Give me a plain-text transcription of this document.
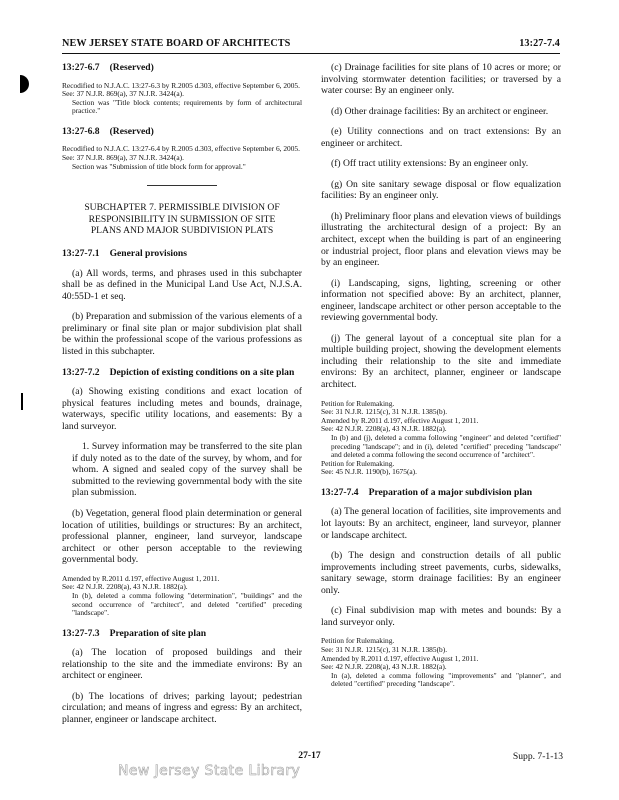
NEW JERSEY STATE BOARD OF ARCHITECTS	13:27-7.4
13:27-6.7 (Reserved)
Recodified to N.J.A.C. 13:27-6.3 by R.2005 d.303, effective September 6, 2005.
See: 37 N.J.R. 869(a), 37 N.J.R. 3424(a).
Section was "Title block contents; requirements by form of architectural practice."
13:27-6.8 (Reserved)
Recodified to N.J.A.C. 13:27-6.4 by R.2005 d.303, effective September 6, 2005.
See: 37 N.J.R. 869(a), 37 N.J.R. 3424(a).
Section was "Submission of title block form for approval."
SUBCHAPTER 7. PERMISSIBLE DIVISION OF
RESPONSIBILITY IN SUBMISSION OF SITE
PLANS AND MAJOR SUBDIVISION PLATS
13:27-7.1 General provisions
(a) All words, terms, and phrases used in this subchapter shall be as defined in the Municipal Land Use Act, N.J.S.A. 40:55D-1 et seq.
(b) Preparation and submission of the various elements of a preliminary or final site plan or major subdivision plat shall be within the professional scope of the various professions as listed in this subchapter.
13:27-7.2 Depiction of existing conditions on a site plan
(a) Showing existing conditions and exact location of physical features including metes and bounds, drainage, waterways, specific utility locations, and easements: By a land surveyor.
1. Survey information may be transferred to the site plan if duly noted as to the date of the survey, by whom, and for whom. A signed and sealed copy of the survey shall be submitted to the reviewing governmental body with the site plan submission.
(b) Vegetation, general flood plain determination or general location of utilities, buildings or structures: By an architect, professional planner, engineer, land surveyor, landscape architect or other person acceptable to the reviewing governmental body.
Amended by R.2011 d.197, effective August 1, 2011.
See: 42 N.J.R. 2208(a), 43 N.J.R. 1882(a).
In (b), deleted a comma following "determination", "buildings" and the second occurrence of "architect", and deleted "certified" preceding "landscape".
13:27-7.3 Preparation of site plan
(a) The location of proposed buildings and their relationship to the site and the immediate environs: By an architect or engineer.
(b) The locations of drives; parking layout; pedestrian circulation; and means of ingress and egress: By an architect, planner, engineer or landscape architect.
(c) Drainage facilities for site plans of 10 acres or more; or involving stormwater detention facilities; or traversed by a water course: By an engineer only.
(d) Other drainage facilities: By an architect or engineer.
(e) Utility connections and on tract extensions: By an engineer or architect.
(f) Off tract utility extensions: By an engineer only.
(g) On site sanitary sewage disposal or flow equalization facilities: By an engineer only.
(h) Preliminary floor plans and elevation views of buildings illustrating the architectural design of a project: By an architect, except when the building is part of an engineering or industrial project, floor plans and elevation views may be by an engineer.
(i) Landscaping, signs, lighting, screening or other information not specified above: By an architect, planner, engineer, landscape architect or other person acceptable to the reviewing governmental body.
(j) The general layout of a conceptual site plan for a multiple building project, showing the development elements including their relationship to the site and immediate environs: By an architect, planner, engineer or landscape architect.
Petition for Rulemaking.
See: 31 N.J.R. 1215(c), 31 N.J.R. 1385(b).
Amended by R.2011 d.197, effective August 1, 2011.
See: 42 N.J.R. 2208(a), 43 N.J.R. 1882(a).
In (b) and (j), deleted a comma following "engineer" and deleted "certified" preceding "landscape"; and in (i), deleted "certified" preceding "landscape" and deleted a comma following the second occurrence of "architect".
Petition for Rulemaking.
See: 45 N.J.R. 1190(b), 1675(a).
13:27-7.4 Preparation of a major subdivision plan
(a) The general location of facilities, site improvements and lot layouts: By an architect, engineer, land surveyor, planner or landscape architect.
(b) The design and construction details of all public improvements including street pavements, curbs, sidewalks, sanitary sewage, storm drainage facilities: By an engineer only.
(c) Final subdivision map with metes and bounds: By a land surveyor only.
Petition for Rulemaking.
See: 31 N.J.R. 1215(c), 31 N.J.R. 1385(b).
Amended by R.2011 d.197, effective August 1, 2011.
See: 42 N.J.R. 2208(a), 43 N.J.R. 1882(a).
In (a), deleted a comma following "improvements" and "planner", and deleted "certified" preceding "landscape".
27-17	Supp. 7-1-13
New Jersey State Library
